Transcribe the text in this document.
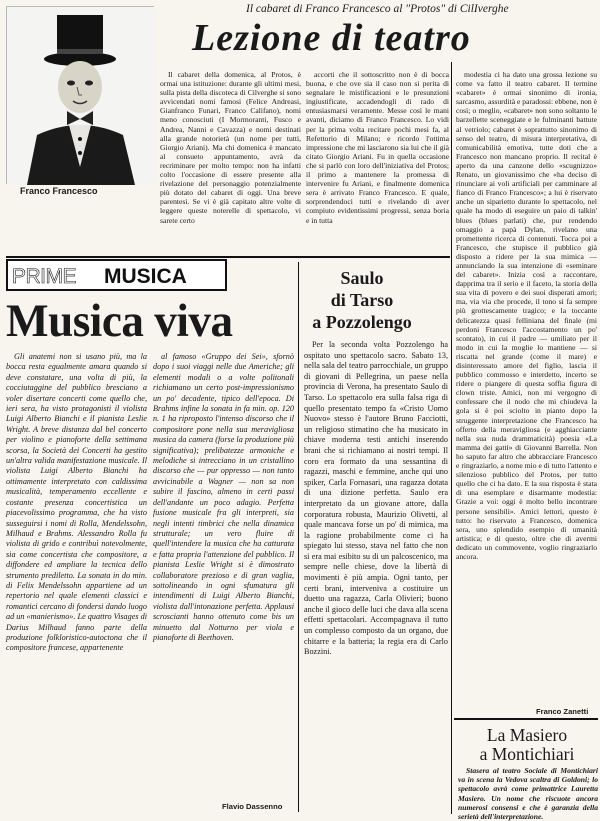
Il cabaret di Franco Francesco al "Protos" di CilIverghe
Lezione di teatro
Franco Francesco

Il cabaret della domenica, al Protos, è ormai una istituzione: durante gli ultimi mesi, sulla pista della discoteca di Cilverghe si sono avvicendati nomi famosi (Felice Andreasi, Gianfranco Funari, Franco Califano), nomi meno conosciuti (I Mormoranti, Fusco e Andrea, Nanni e Cavazza) e nomi destinati alla grande notorietà (un nome per tutti, Giorgio Ariani). Ma chi domenica è mancato al consueto appuntamento, avrà da recriminare per molto tempo: non ha infatti colto l'occasione di essere presente alla rivelazione del personaggio potenzialmente più dotato del cabaret di oggi. Una breve parentesi. Se vi è già capitato altre volte di leggere queste noterelle di spettacolo, vi sarete certo

accorti che il sottoscritto non è di bocca buona, e che ove sia il caso non si perita di segnalare le mistificazioni e le presunzioni ingiustificate, accadendogli di rado di entusiasmarsi veramente. Messe così le mani avanti, diciamo di Franco Francesco. Lo vidi per la prima volta recitare pochi mesi fa, al Refettorio di Milano; e ricordo l'ottima impressione che mi lasciarono sia lui che il già citato Giorgio Ariani. Fu in quella occasione che si parlò con loro dell'iniziativa del Protos; il primo a mantenere la promessa di intervenire fu Ariani, e finalmente domenica sera è arrivato Franco Francesco. E quale, sorprendendoci tutti e rivelando di aver compiuto evidentissimi progressi, senza boria e in tutta

modestia ci ha dato una grossa lezione su come va fatto il teatro cabaret. Il termine «cabaret» è ormai sinonimo di ironia, sarcasmo, assurdità e paradossi: ebbene, non è così; o meglio, «cabaret» non sono soltanto le barzellette sceneggiate e le fulminanti battute al vetriolo; cabaret è soprattutto sinonimo di senso del teatro, di misura interpretativa, di comunicabilità emotiva, tutte doti che a Francesco non mancano proprio. Il recital è aperto da una canzone dello «scugnizzo» Renato, un giovanissimo che «ha deciso di rinunciare ai voli artificiali per camminare al fianco di Franco Francesco»; a lui è riservato anche un siparietto durante lo spettacolo, nel quale ha modo di eseguire un paio di talkin' blues (blues parlati) che, pur rendendo omaggio a papà Dylan, rivelano una promettente ricerca di contenuti. Tocca poi a Francesco, che stupisce il pubblico già disposto a ridere per la sua mimica — annunciando la sua intenzione di «seminare del cabaret». Inizia così a raccontare, dapprima tra il serio e il faceto, la storia della sua vita di povero e dei suoi disperati amori; ma, via via che procede, il tono si fa sempre più grottescamente tragico; e la toccante delicatezza quasi felliniana del finale (mi perdoni Francesco l'accostamento un po' scontato), in cui il padre — umiliato per il modo in cui la moglie lo mantiene — si riscatta nel grande (come il mare) e disinteressato amore del figlio, lascia il pubblico commosso e interdetto, incerto se ridere o piangere di questa soffia figura di clown triste. Amici, non mi vergogno di confessare che il nodo che mi chiudeva la gola si è poi sciolto in pianto dopo la struggente interpretazione che Francesco ha offerto della meravigliosa (e agghiacciante nella sua nuda drammaticità) poesia «La mamma dei gatti» di Giovanni Barrella. Non ho saputo far altro che abbracciare Francesco e ringraziarlo, a nome mio e di tutto l'attento e silenzioso pubblico del Protos, per tutto quello che ci ha dato. E la sua risposta è stata di una esemplare e disarmante modestia: Grazie a voi: oggi è molto bello incontrare persone sensibili». Amici lettori, questo è tutto: ho riservato a Francesco, domenica sera, uno splendido esempio di umanità artistica; e di questo, oltre che di avermi dedicato un commovente, voglio ringraziarlo ancora.

Franco Zanetti
PRIME MUSICA
Musica viva

Gli anatemi non si usano più, ma la bocca resta egualmente amara quando si deve constatare, una volta di più, la cocciutaggine del pubblico bresciano a voler disertare concerti come quello che, ieri sera, ha visto protagonisti il violista Luigi Alberto Bianchi e il pianista Leslie Wright. A breve distanza dal bel concerto per violino e pianoforte della settimana scorsa, la Società dei Concerti ha gestito un'altra valida manifestazione musicale. Il violista Luigi Alberto Bianchi ha ottimamente interpretato con caldissima musicalità, temperamento eccellente e costante presenza concertistica un piacevolissimo programma, che ha visto susseguirsi i nomi di Rolla, Mendelssohn, Milhaud e Brahms. Alessandro Rolla fu violista di grido e contribuì notevolmente, sia come concertista che compositore, a diffondere ed ampliare la tecnica dello strumento prediletto. La sonata in do min. di Felix Mendelssohn appartiene ad un repertorio nel quale elementi classici e romantici cercano di fondersi dando luogo ad un «manierismo». Le quattro Visages di Darius Milhaud fanno parte della produzione folkloristico-autoctona che il compositore francese, appartenente

al famoso «Gruppo dei Sei», sfornò dopo i suoi viaggi nelle due Americhe; gli elementi modali o a volte politonali richiamano un certo post-impressionismo un po' decadente, tipico dell'epoca. Di Brahms infine la sonata in fa min. op. 120 n. 1 ha riproposto l'intenso discorso che il compositore pone nella sua meravigliosa musica da camera (forse la produzione più significativa); prelibatezze armoniche e melodiche si intrecciano in un cristallino discorso che — pur oppresso — non tanto avvicinabile a Wagner — non sa non subire il fascino, almeno in certi passi dell'andante un poco adagio. Perfetta fusione musicale fra gli interpreti, sia negli intenti timbrici che nella dinamica strutturale; un vero fluire di quell'intendere la musica che ha catturata e fatta propria l'attenzione del pubblico. Il pianista Leslie Wright si è dimostrato collaboratore prezioso e di gran vaglia, sottolineando in ogni sfumatura gli intendimenti di Luigi Alberto Bianchi, violista dall'intonazione perfetta. Applausi scroscianti hanno ottenuto come bis un minuetto dal Notturno per viola e pianoforte di Beethoven.

Flavio Dassenno
Saulo
di Tarso
a Pozzolengo

Per la seconda volta Pozzolengo ha ospitato uno spettacolo sacro. Sabato 13, nella sala del teatro parrocchiale, un gruppo di giovani di Pellegrina, un paese nella provincia di Verona, ha presentato Saulo di Tarso. Lo spettacolo era sulla falsa riga di quello presentato tempo fa «Cristo Uomo Nuovo» stesso è l'autore Bruno Facciotti, un religioso stimatino che ha musicato in chiave moderna testi antichi inserendo brani che si richiamano ai nostri tempi. Il coro era formato da una sessantina di ragazzi, maschi e femmine, anche qui uno spiker, Carla Fornasari, una ragazza dotata di una dizione perfetta. Saulo era interpretato da un giovane attore, dalla corporatura robusta, Maurizio Olivetti, al quale mancava forse un po' di mimica, ma la ragione probabilmente come ci ha spiegato lui stesso, stava nel fatto che non si era mai esibito su di un palcoscenico, ma sempre nelle chiese, dove la libertà di movimenti è più ampia. Ogni tanto, per certi brani, interveniva a costituire un duetto una ragazza, Carla Olivieri; buono anche il gioco delle luci che dava alla scena effetti spettacolari. Accompagnava il tutto un complesso composto da un organo, due chitarre e la batteria; la regia era di Carlo Bozzini.

La Masiero
a Montichiari

Stasera al teatro Sociale di Montichiari va in scena la Vedova scaltra di Goldoni; lo spettacolo avrà come primattrice Lauretta Masiero. Un nome che riscuote ancora numerosi consensi e che è garanzia della serietà dell'interpretazione.
